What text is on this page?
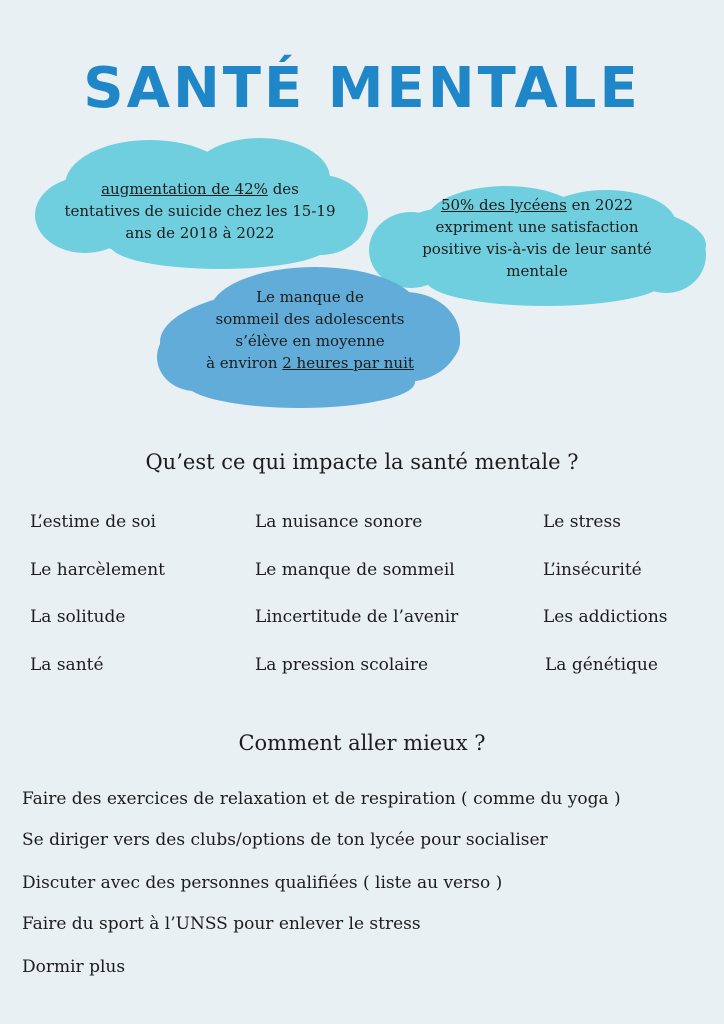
SANTÉ MENTALE
augmentation de 42% des
tentatives de suicide chez les 15-19
ans de 2018 à 2022
50% des lycéens en 2022
expriment une satisfaction
positive vis-à-vis de leur santé
mentale
Le manque de
sommeil des adolescents
s’élève en moyenne
à environ 2 heures par nuit
Qu’est ce qui impacte la santé mentale ?
L’estime de soi
Le harcèlement
La solitude
La santé
La nuisance sonore
Le manque de sommeil
Lincertitude de l’avenir
La pression scolaire
Le stress
L’insécurité
Les addictions
La génétique
Comment aller mieux ?
Faire des exercices de relaxation et de respiration ( comme du yoga )
Se diriger vers des clubs/options de ton lycée pour socialiser
Discuter avec des personnes qualifiées ( liste au verso )
Faire du sport à l’UNSS pour enlever le stress
Dormir plus
